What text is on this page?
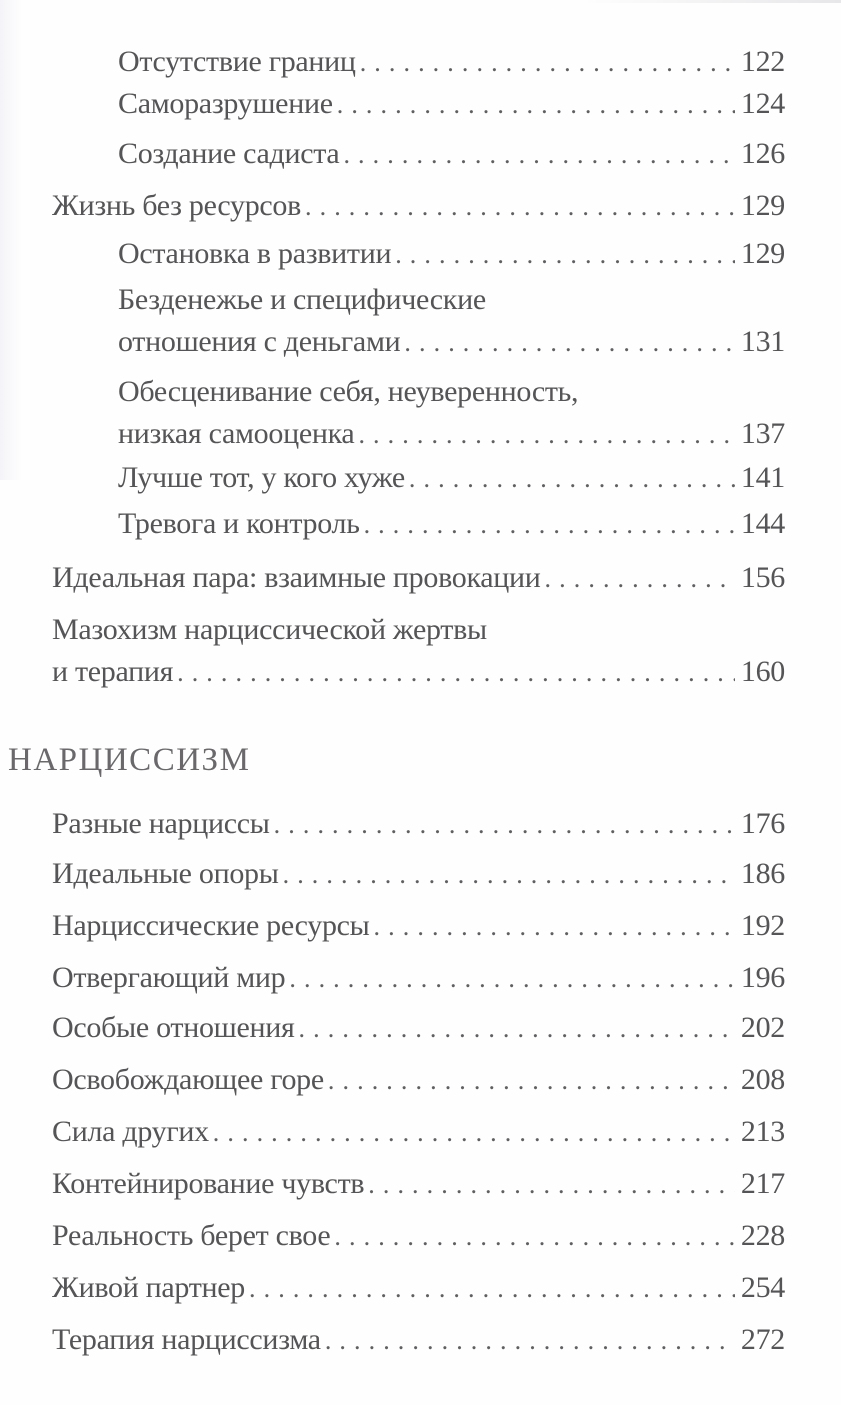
Отсутствие границ . . .	122
Саморазрушение . . .	124
Создание садиста . . .	126
Жизнь без ресурсов . . .	129
Остановка в развитии . . .	129
Безденежье и специфические
отношения с деньгами . . .	131
Обесценивание себя, неуверенность,
низкая самооценка . . .	137
Лучше тот, у кого хуже . . .	141
Тревога и контроль . . .	144
Идеальная пара: взаимные провокации . . .	156
Мазохизм нарциссической жертвы
и терапия . . .	160
НАРЦИССИЗМ
Разные нарциссы . . .	176
Идеальные опоры . . .	186
Нарциссические ресурсы . . .	192
Отвергающий мир . . .	196
Особые отношения . . .	202
Освобождающее горе . . .	208
Сила других . . .	213
Контейнирование чувств . . .	217
Реальность берет свое . . .	228
Живой партнер . . .	254
Терапия нарциссизма . . .	272
